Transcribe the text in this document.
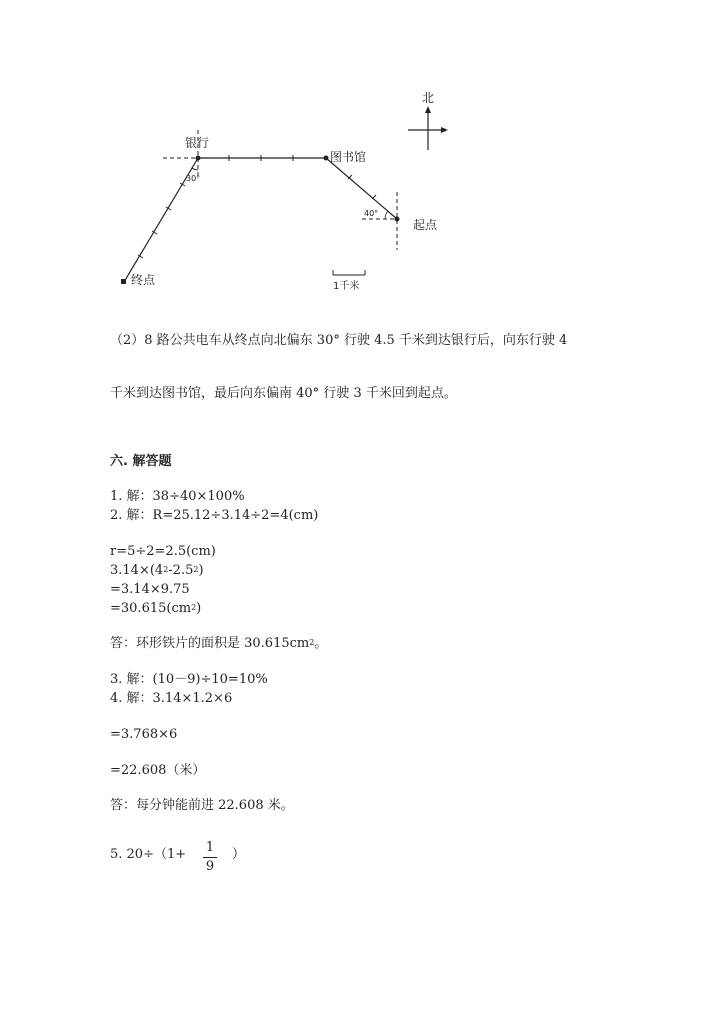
北
银行
30°
图书馆
40°
起点
终点	1千米
（2）8 路公共电车从终点向北偏东 30° 行驶 4.5 千米到达银行后，向东行驶 4
千米到达图书馆，最后向东偏南 40° 行驶 3 千米回到起点。
六. 解答题
1. 解：38÷40×100%
2. 解：R=25.12÷3.14÷2=4(cm)
r=5÷2=2.5(cm)
$3.14\times(4^2-2.5^2)$
=3.14×9.75
$=30.615(cm^2)$
答：环形铁片的面积是 $30.615cm^2$。
3. 解：(10－9)÷10=10%
4. 解：3.14×1.2×6
=3.768×6
=22.608（米）
答：每分钟能前进 22.608 米。
5. 20÷（1+ 1
9
）
